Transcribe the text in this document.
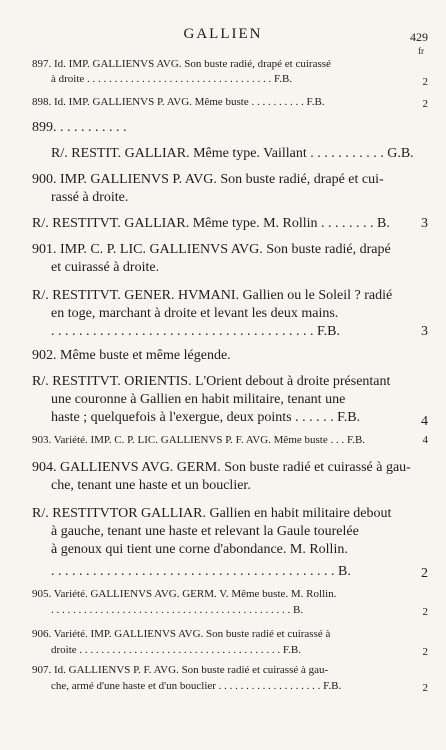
GALLIEN	429
fr
897. Id. IMP. GALLIENVS AVG. Son buste radié, drapé et cuirassé
à droite . . . . . . . . . . . . . . . . . . . . . . . . . . . . . . . . . . F.B.	2
898. Id. IMP. GALLIENVS P. AVG. Même buste . . . . . . . . . . F.B.	2
899. . . . . . . . . . .
R/. RESTIT. GALLIAR. Même type. Vaillant . . . . . . . . . . . G.B.
900. IMP. GALLIENVS P. AVG. Son buste radié, drapé et cui-
rassé à droite.
R/. RESTITVT. GALLIAR. Même type. M. Rollin . . . . . . . . B. 3
901. IMP. C. P. LIC. GALLIENVS AVG. Son buste radié, drapé
et cuirassé à droite.
R/. RESTITVT. GENER. HVMANI. Gallien ou le Soleil ? radié
en toge, marchant à droite et levant les deux mains.
. . . . . . . . . . . . . . . . . . . . . . . . . . . . . . . . . . . . . . F.B.	3
902. Même buste et même légende.
R/. RESTITVT. ORIENTIS. L'Orient debout à droite présentant
une couronne à Gallien en habit militaire, tenant une
haste ; quelquefois à l'exergue, deux points . . . . . . F.B.	4
903. Variété. IMP. C. P. LIC. GALLIENVS P. F. AVG. Même buste . . . F.B.	4
904. GALLIENVS AVG. GERM. Son buste radié et cuirassé à gau-
che, tenant une haste et un bouclier.
R/. RESTITVTOR GALLIAR. Gallien en habit militaire debout
à gauche, tenant une haste et relevant la Gaule tourelée
à genoux qui tient une corne d'abondance. M. Rollin.
. . . . . . . . . . . . . . . . . . . . . . . . . . . . . . . . . . . . . . . . . B.	2
905. Variété. GALLIENVS AVG. GERM. V. Même buste. M. Rollin.
. . . . . . . . . . . . . . . . . . . . . . . . . . . . . . . . . . . . . . . . . . . . B.	2
906. Variété. IMP. GALLIENVS AVG. Son buste radié et cuirassé à
droite . . . . . . . . . . . . . . . . . . . . . . . . . . . . . . . . . . . . . F.B.	2
907. Id. GALLIENVS P. F. AVG. Son buste radié et cuirassé à gau-
che, armé d'une haste et d'un bouclier . . . . . . . . . . . . . . . . . . . F.B.	2
